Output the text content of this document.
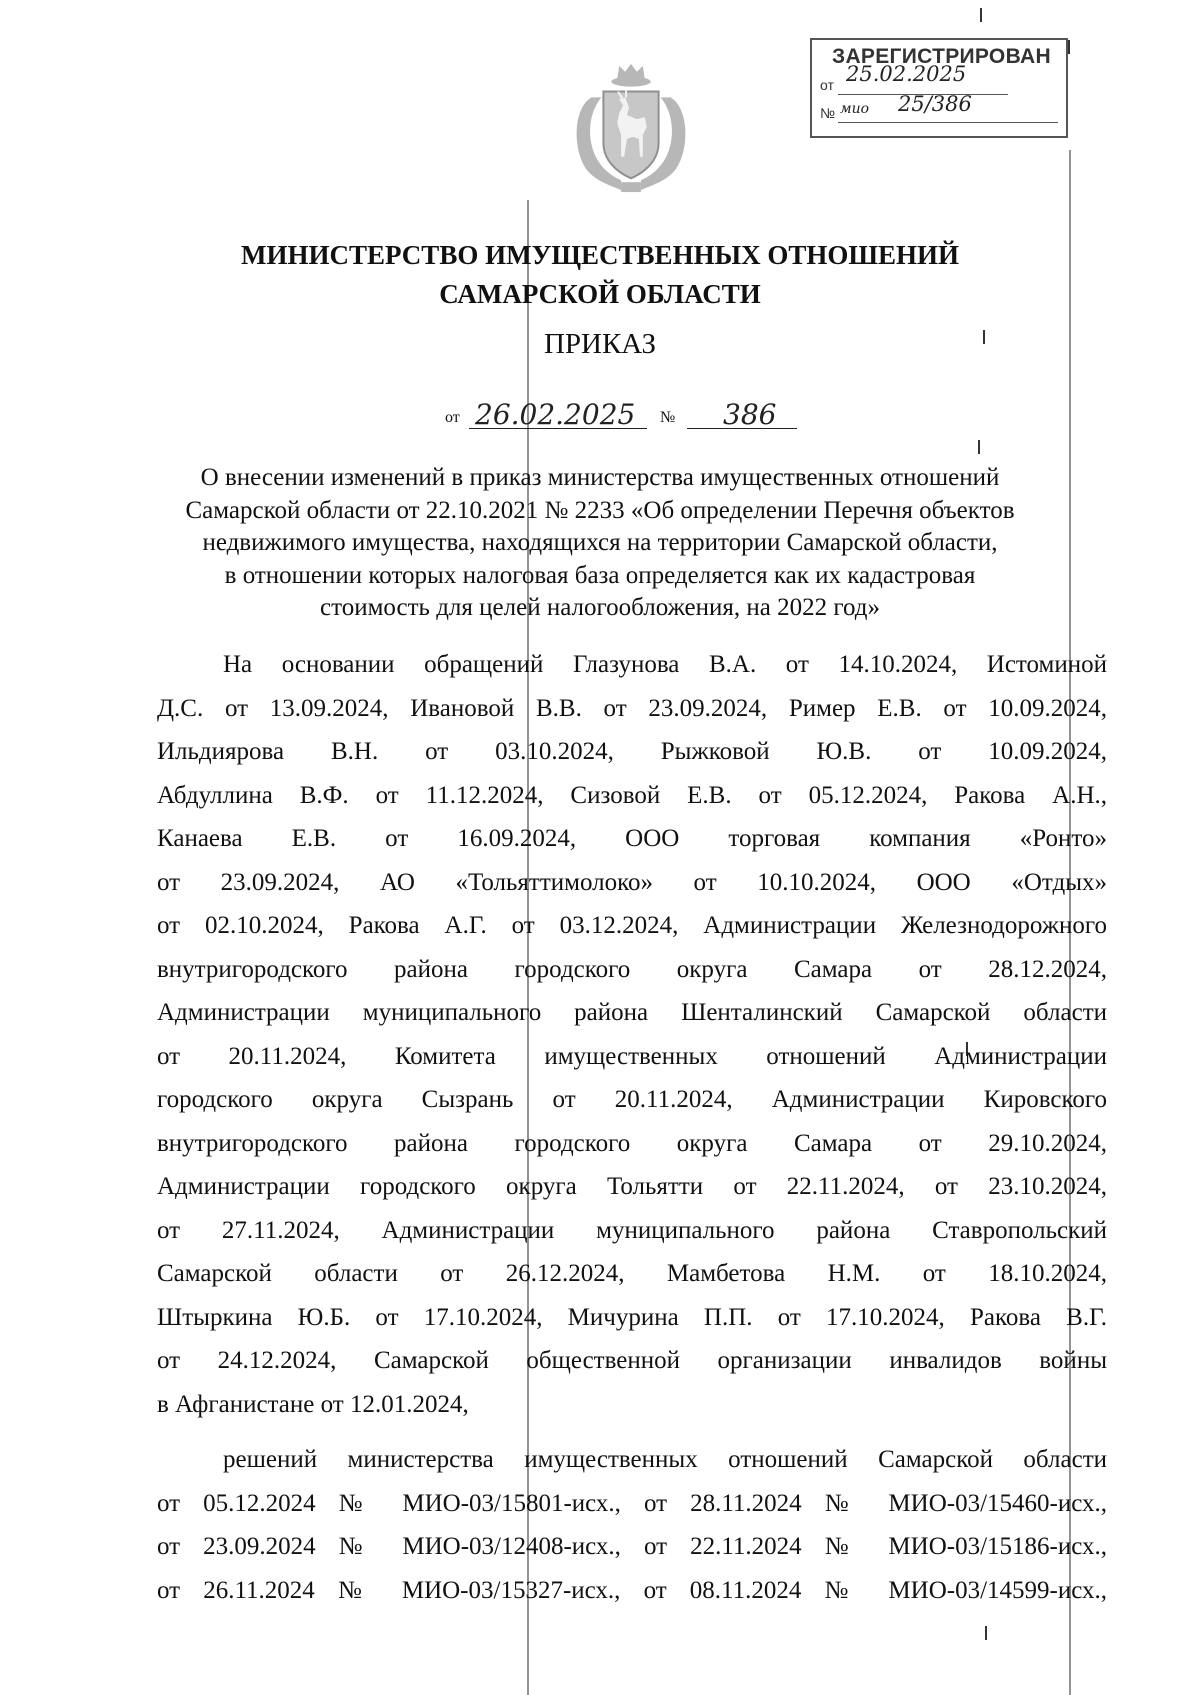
ЗАРЕГИСТРИРОВАН
от 25.02.2025
№ мио 25/386
МИНИСТЕРСТВО ИМУЩЕСТВЕННЫХ ОТНОШЕНИЙ
САМАРСКОЙ ОБЛАСТИ
ПРИКАЗ
от 26.02.2025 № 386
О внесении изменений в приказ министерства имущественных отношений
Самарской области от 22.10.2021 № 2233 «Об определении Перечня объектов
недвижимого имущества, находящихся на территории Самарской области,
в отношении которых налоговая база определяется как их кадастровая
стоимость для целей налогообложения, на 2022 год»
На основании обращений Глазунова В.А. от 14.10.2024, Истоминой
Д.С. от 13.09.2024, Ивановой В.В. от 23.09.2024, Ример Е.В. от 10.09.2024,
Ильдиярова В.Н. от 03.10.2024, Рыжковой Ю.В. от 10.09.2024,
Абдуллина В.Ф. от 11.12.2024, Сизовой Е.В. от 05.12.2024, Ракова А.Н.,
Канаева Е.В. от 16.09.2024, ООО торговая компания «Ронто»
от 23.09.2024, АО «Тольяттимолоко» от 10.10.2024, ООО «Отдых»
от 02.10.2024, Ракова А.Г. от 03.12.2024, Администрации Железнодорожного
внутригородского района городского округа Самара от 28.12.2024,
Администрации муниципального района Шенталинский Самарской области
от 20.11.2024, Комитета имущественных отношений Администрации
городского округа Сызрань от 20.11.2024, Администрации Кировского
внутригородского района городского округа Самара от 29.10.2024,
Администрации городского округа Тольятти от 22.11.2024, от 23.10.2024,
от 27.11.2024, Администрации муниципального района Ставропольский
Самарской области от 26.12.2024, Мамбетова Н.М. от 18.10.2024,
Штыркина Ю.Б. от 17.10.2024, Мичурина П.П. от 17.10.2024, Ракова В.Г.
от 24.12.2024, Самарской общественной организации инвалидов войны
в Афганистане от 12.01.2024,
решений министерства имущественных отношений Самарской области
от 05.12.2024 № МИО-03/15801-исх., от 28.11.2024 № МИО-03/15460-исх.,
от 23.09.2024 № МИО-03/12408-исх., от 22.11.2024 № МИО-03/15186-исх.,
от 26.11.2024 № МИО-03/15327-исх., от 08.11.2024 № МИО-03/14599-исх.,
